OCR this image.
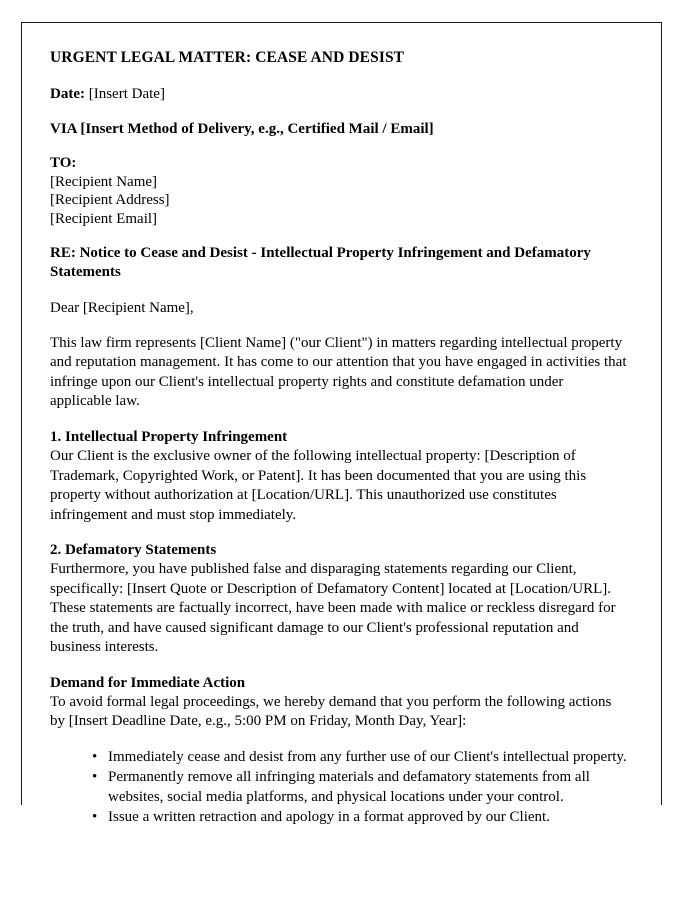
URGENT LEGAL MATTER: CEASE AND DESIST
Date: [Insert Date]
VIA [Insert Method of Delivery, e.g., Certified Mail / Email]
TO:
[Recipient Name]
[Recipient Address]
[Recipient Email]
RE: Notice to Cease and Desist - Intellectual Property Infringement and Defamatory Statements
Dear [Recipient Name],
This law firm represents [Client Name] ("our Client") in matters regarding intellectual property and reputation management. It has come to our attention that you have engaged in activities that infringe upon our Client's intellectual property rights and constitute defamation under applicable law.
1. Intellectual Property Infringement
Our Client is the exclusive owner of the following intellectual property: [Description of Trademark, Copyrighted Work, or Patent]. It has been documented that you are using this property without authorization at [Location/URL]. This unauthorized use constitutes infringement and must stop immediately.
2. Defamatory Statements
Furthermore, you have published false and disparaging statements regarding our Client, specifically: [Insert Quote or Description of Defamatory Content] located at [Location/URL]. These statements are factually incorrect, have been made with malice or reckless disregard for the truth, and have caused significant damage to our Client's professional reputation and business interests.
Demand for Immediate Action
To avoid formal legal proceedings, we hereby demand that you perform the following actions by [Insert Deadline Date, e.g., 5:00 PM on Friday, Month Day, Year]:
• Immediately cease and desist from any further use of our Client's intellectual property.
• Permanently remove all infringing materials and defamatory statements from all websites, social media platforms, and physical locations under your control.
• Issue a written retraction and apology in a format approved by our Client.
